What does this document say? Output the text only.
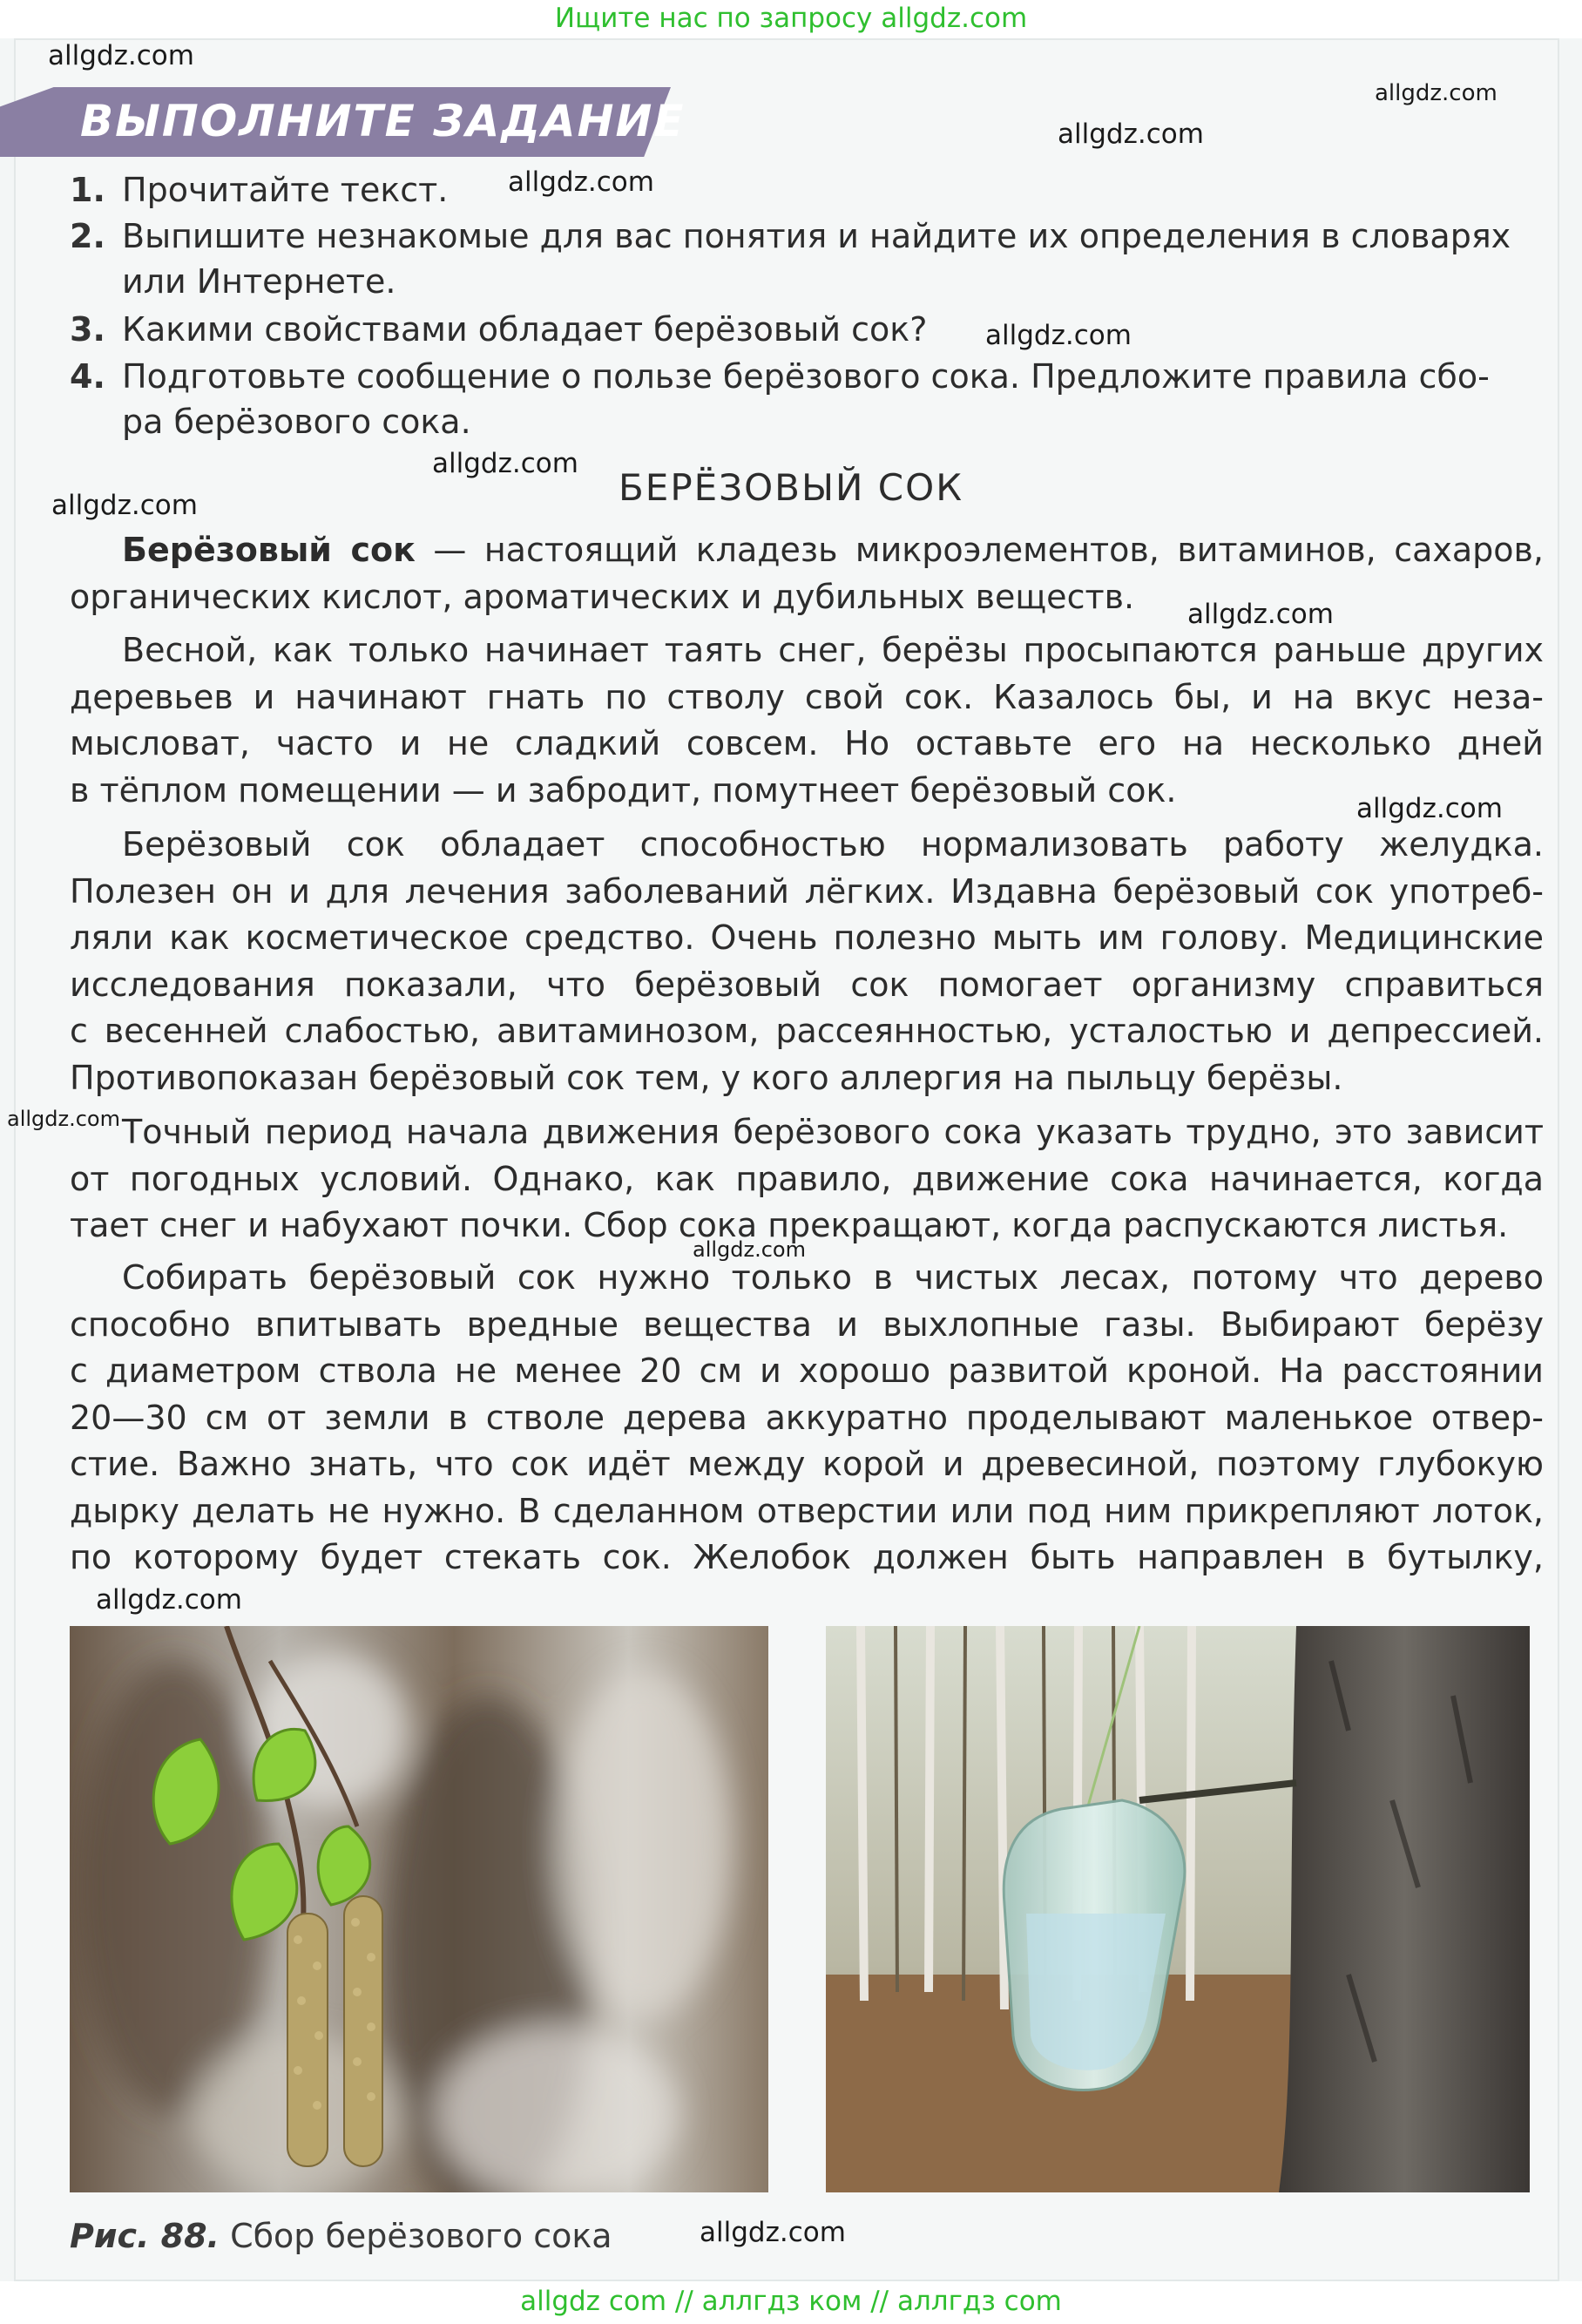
Ищите нас по запросу allgdz.com
ВЫПОЛНИТЕ ЗАДАНИЕ
1. Прочитайте текст.
2. Выпишите незнакомые для вас понятия и найдите их определения в словарях
или Интернете.
3. Какими свойствами обладает берёзовый сок?
4. Подготовьте сообщение о пользе берёзового сока. Предложите правила сбо-
ра берёзового сока.
БЕРЁЗОВЫЙ СОК
Берёзовый сок — настоящий кладезь микроэлементов, витаминов, сахаров,
органических кислот, ароматических и дубильных веществ.
Весной, как только начинает таять снег, берёзы просыпаются раньше других
деревьев и начинают гнать по стволу свой сок. Казалось бы, и на вкус неза-
мысловат, часто и не сладкий совсем. Но оставьте его на несколько дней
в тёплом помещении — и забродит, помутнеет берёзовый сок.
Берёзовый сок обладает способностью нормализовать работу желудка.
Полезен он и для лечения заболеваний лёгких. Издавна берёзовый сок употреб-
ляли как косметическое средство. Очень полезно мыть им голову. Медицинские
исследования показали, что берёзовый сок помогает организму справиться
с весенней слабостью, авитаминозом, рассеянностью, усталостью и депрессией.
Противопоказан берёзовый сок тем, у кого аллергия на пыльцу берёзы.
Точный период начала движения берёзового сока указать трудно, это зависит
от погодных условий. Однако, как правило, движение сока начинается, когда
тает снег и набухают почки. Сбор сока прекращают, когда распускаются листья.
Собирать берёзовый сок нужно только в чистых лесах, потому что дерево
способно впитывать вредные вещества и выхлопные газы. Выбирают берёзу
с диаметром ствола не менее 20 см и хорошо развитой кроной. На расстоянии
20—30 см от земли в стволе дерева аккуратно проделывают маленькое отвер-
стие. Важно знать, что сок идёт между корой и древесиной, поэтому глубокую
дырку делать не нужно. В сделанном отверстии или под ним прикрепляют лоток,
по которому будет стекать сок. Желобок должен быть направлен в бутылку,
Рис. 88. Сбор берёзового сока
allgdz.com
allgdz.com
allgdz.com
allgdz.com
allgdz.com
allgdz.com
allgdz.com
allgdz.com
allgdz.com
allgdz.com
allgdz.com
allgdz.com
allgdz.com
allgdz com // аллгдз ком // аллгдз com
